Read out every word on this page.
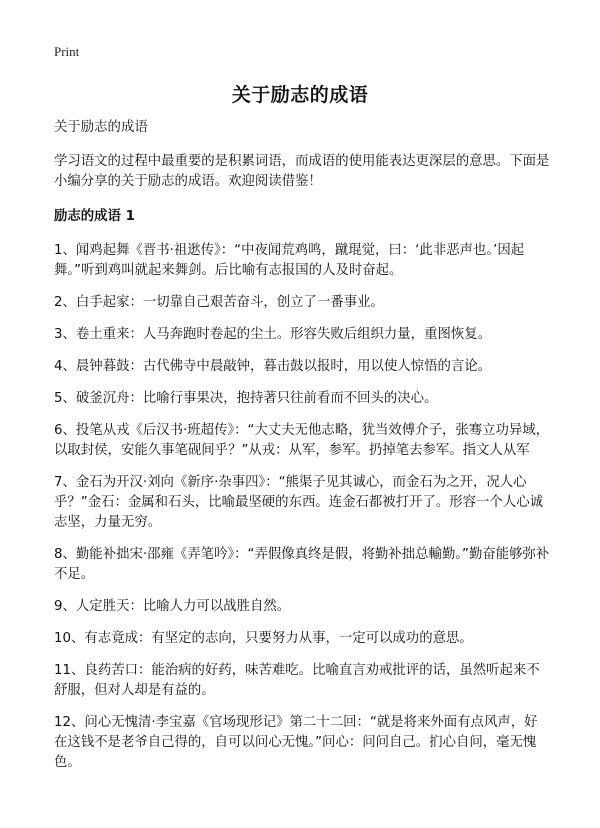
Print
关于励志的成语

关于励志的成语

学习语文的过程中最重要的是积累词语，而成语的使用能表达更深层的意思。下面是小编分享的关于励志的成语。欢迎阅读借鉴！

励志的成语 1

1、闻鸡起舞《晋书·祖逖传》：“中夜闻荒鸡鸣，蹴琨觉，曰：‘此非恶声也。’因起舞。”听到鸡叫就起来舞剑。后比喻有志报国的人及时奋起。

2、白手起家：一切靠自己艰苦奋斗，创立了一番事业。

3、卷土重来：人马奔跑时卷起的尘土。形容失败后组织力量，重图恢复。

4、晨钟暮鼓：古代佛寺中晨敲钟，暮击鼓以报时，用以使人惊悟的言论。

5、破釜沉舟：比喻行事果决，抱持著只往前看而不回头的决心。

6、投笔从戎《后汉书·班超传》：“大丈夫无他志略，犹当效傅介子，张骞立功异域，以取封侯，安能久事笔砚间乎？”从戎：从军，参军。扔掉笔去参军。指文人从军

7、金石为开汉·刘向《新序·杂事四》：“熊渠子见其诚心，而金石为之开，况人心乎？”金石：金属和石头，比喻最坚硬的东西。连金石都被打开了。形容一个人心诚志坚，力量无穷。

8、勤能补拙宋·邵雍《弄笔吟》：“弄假像真终是假，将勤补拙总輸勤。”勤奋能够弥补不足。

9、人定胜天：比喻人力可以战胜自然。

10、有志竟成：有坚定的志向，只要努力从事，一定可以成功的意思。

11、良药苦口：能治病的好药，味苦难吃。比喻直言劝戒批评的话，虽然听起来不舒服，但对人却是有益的。

12、问心无愧清·李宝嘉《官场现形记》第二十二回：“就是将来外面有点风声，好在这钱不是老爷自己得的，自可以问心无愧。”问心：问问自己。扪心自问，毫无愧色。
